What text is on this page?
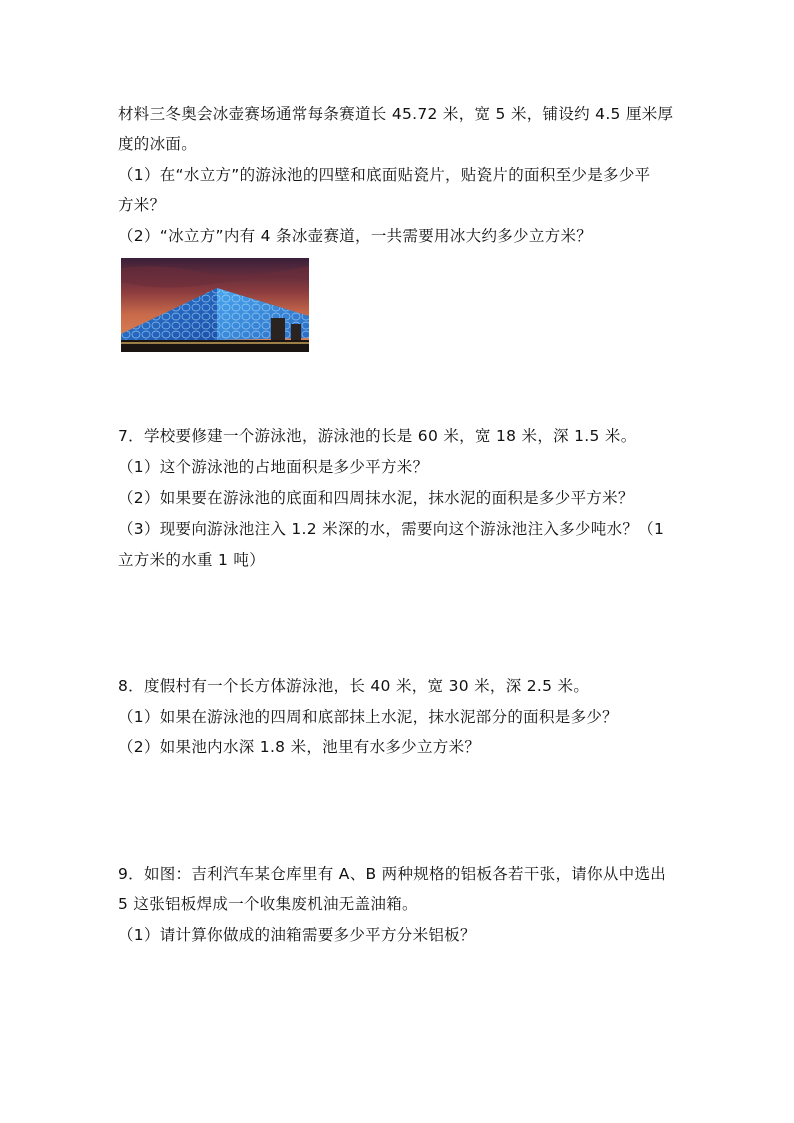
材料三冬奥会冰壶赛场通常每条赛道长 45.72 米，宽 5 米，铺设约 4.5 厘米厚
度的冰面。
（1）在“水立方”的游泳池的四壁和底面贴瓷片，贴瓷片的面积至少是多少平
方米？
（2）“冰立方”内有 4 条冰壶赛道，一共需要用冰大约多少立方米？
7．学校要修建一个游泳池，游泳池的长是 60 米，宽 18 米，深 1.5 米。
（1）这个游泳池的占地面积是多少平方米？
（2）如果要在游泳池的底面和四周抹水泥，抹水泥的面积是多少平方米？
（3）现要向游泳池注入 1.2 米深的水，需要向这个游泳池注入多少吨水？（1
立方米的水重 1 吨）
8．度假村有一个长方体游泳池，长 40 米，宽 30 米，深 2.5 米。
（1）如果在游泳池的四周和底部抹上水泥，抹水泥部分的面积是多少？
（2）如果池内水深 1.8 米，池里有水多少立方米？
9．如图：吉利汽车某仓库里有 A、B 两种规格的铝板各若干张，请你从中选出
5 这张铝板焊成一个收集废机油无盖油箱。
（1）请计算你做成的油箱需要多少平方分米铝板？
